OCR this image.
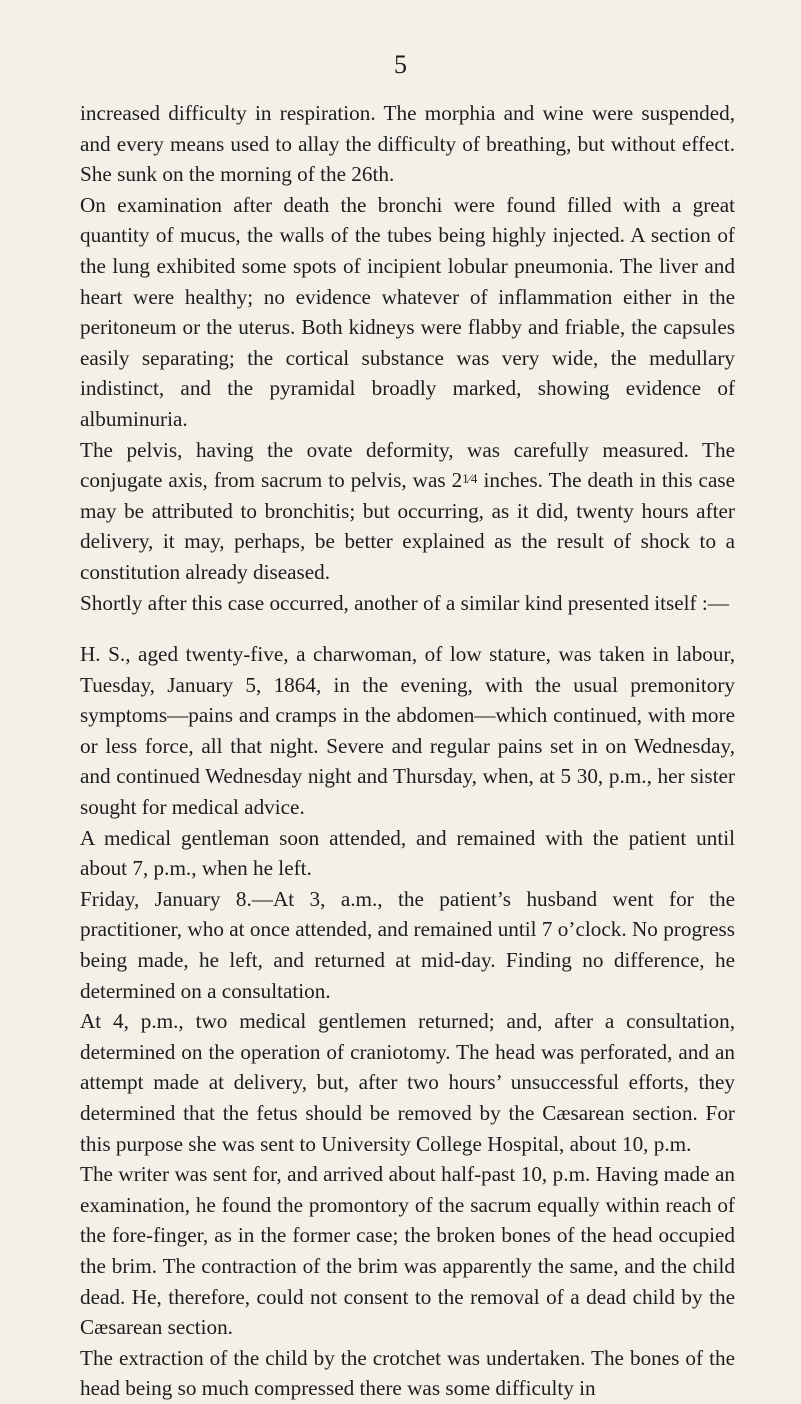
5

increased difficulty in respiration. The morphia and wine were suspended, and every means used to allay the difficulty of breathing, but without effect. She sunk on the morning of the 26th.

On examination after death the bronchi were found filled with a great quantity of mucus, the walls of the tubes being highly injected. A section of the lung exhibited some spots of incipient lobular pneumonia. The liver and heart were healthy; no evidence whatever of inflammation either in the peritoneum or the uterus. Both kidneys were flabby and friable, the capsules easily separating; the cortical substance was very wide, the medullary indistinct, and the pyramidal broadly marked, showing evidence of albuminuria.

The pelvis, having the ovate deformity, was carefully measured. The conjugate axis, from sacrum to pelvis, was 21⁄4 inches. The death in this case may be attributed to bronchitis; but occurring, as it did, twenty hours after delivery, it may, perhaps, be better explained as the result of shock to a constitution already diseased.

Shortly after this case occurred, another of a similar kind presented itself :—

H. S., aged twenty-five, a charwoman, of low stature, was taken in labour, Tuesday, January 5, 1864, in the evening, with the usual premonitory symptoms—pains and cramps in the abdomen—which continued, with more or less force, all that night. Severe and regular pains set in on Wednesday, and continued Wednesday night and Thursday, when, at 5 30, p.m., her sister sought for medical advice.

A medical gentleman soon attended, and remained with the patient until about 7, p.m., when he left.

Friday, January 8.—At 3, a.m., the patient’s husband went for the practitioner, who at once attended, and remained until 7 o’clock. No progress being made, he left, and returned at mid-day. Finding no difference, he determined on a consultation.

At 4, p.m., two medical gentlemen returned; and, after a consultation, determined on the operation of craniotomy. The head was perforated, and an attempt made at delivery, but, after two hours’ unsuccessful efforts, they determined that the fetus should be removed by the Cæsarean section. For this purpose she was sent to University College Hospital, about 10, p.m.

The writer was sent for, and arrived about half-past 10, p.m. Having made an examination, he found the promontory of the sacrum equally within reach of the fore-finger, as in the former case; the broken bones of the head occupied the brim. The contraction of the brim was apparently the same, and the child dead. He, therefore, could not consent to the removal of a dead child by the Cæsarean section.

The extraction of the child by the crotchet was undertaken. The bones of the head being so much compressed there was some difficulty in
